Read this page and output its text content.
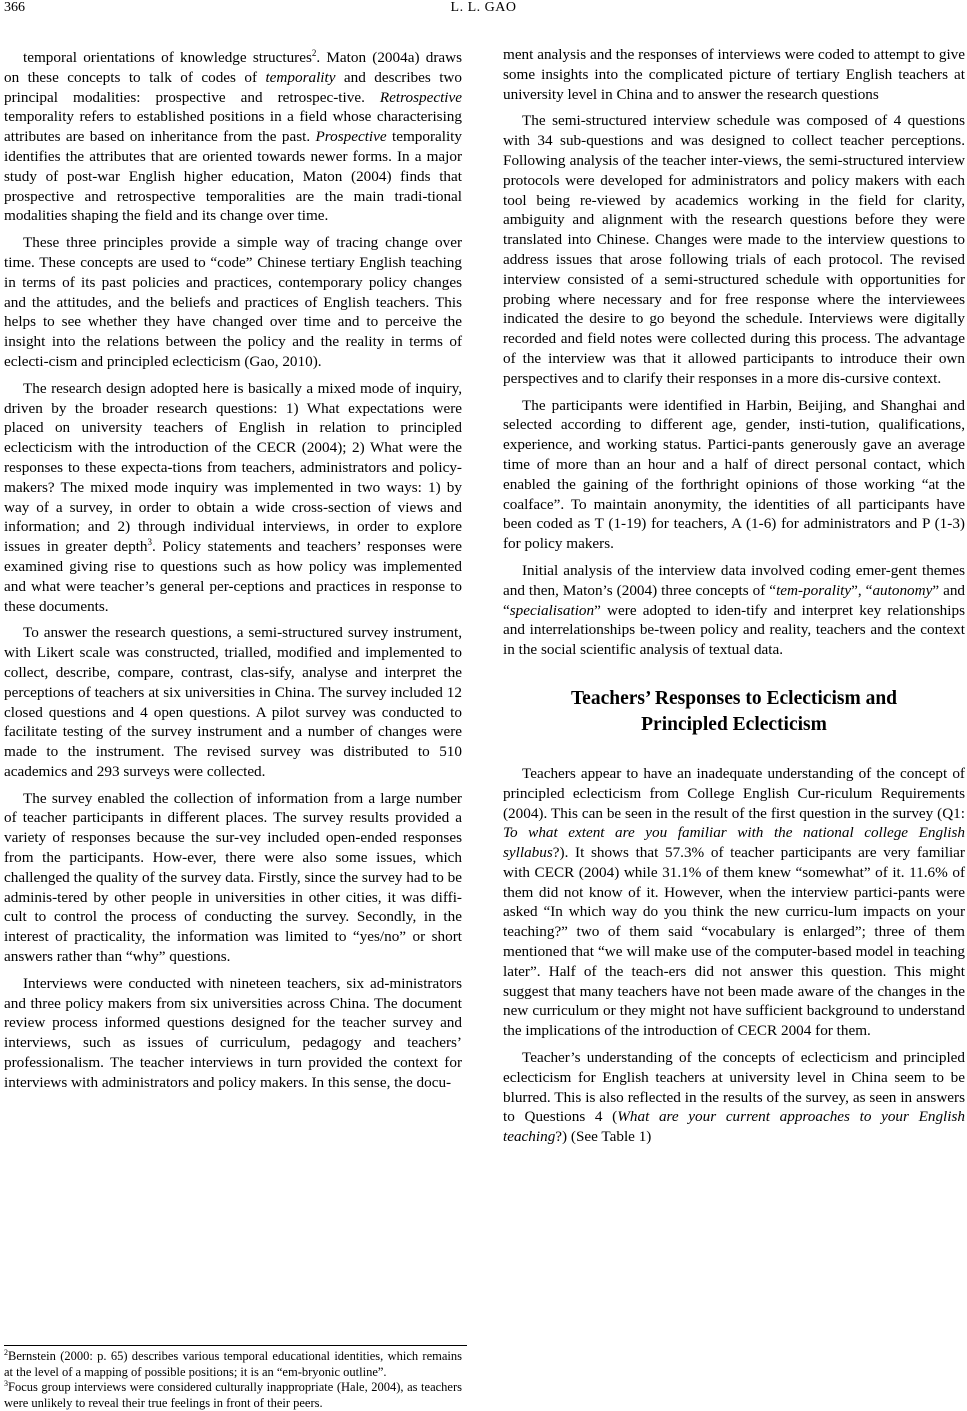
366	L. L. GAO

temporal orientations of knowledge structures$^2$. Maton (2004a) draws on these concepts to talk of codes of temporality and describes two principal modalities: prospective and retrospec-tive. Retrospective temporality refers to established positions in a field whose characterising attributes are based on inheritance from the past. Prospective temporality identifies the attributes that are oriented towards newer forms. In a major study of post-war English higher education, Maton (2004) finds that prospective and retrospective temporalities are the main tradi-tional modalities shaping the field and its change over time.

These three principles provide a simple way of tracing change over time. These concepts are used to “code” Chinese tertiary English teaching in terms of its past policies and practices, contemporary policy changes and the attitudes, and the beliefs and practices of English teachers. This helps to see whether they have changed over time and to perceive the insight into the relations between the policy and the reality in terms of eclecti-cism and principled eclecticism (Gao, 2010).

The research design adopted here is basically a mixed mode of inquiry, driven by the broader research questions: 1) What expectations were placed on university teachers of English in relation to principled eclecticism with the introduction of the CECR (2004); 2) What were the responses to these expecta-tions from teachers, administrators and policy-makers? The mixed mode inquiry was implemented in two ways: 1) by way of a survey, in order to obtain a wide cross-section of views and information; and 2) through individual interviews, in order to explore issues in greater depth$^3$. Policy statements and teachers’ responses were examined giving rise to questions such as how policy was implemented and what were teacher’s general per-ceptions and practices in response to these documents.

To answer the research questions, a semi-structured survey instrument, with Likert scale was constructed, trialled, modified and implemented to collect, describe, compare, contrast, clas-sify, analyse and interpret the perceptions of teachers at six universities in China. The survey included 12 closed questions and 4 open questions. A pilot survey was conducted to facilitate testing of the survey instrument and a number of changes were made to the instrument. The revised survey was distributed to 510 academics and 293 surveys were collected.

The survey enabled the collection of information from a large number of teacher participants in different places. The survey results provided a variety of responses because the sur-vey included open-ended responses from the participants. How-ever, there were also some issues, which challenged the quality of the survey data. Firstly, since the survey had to be adminis-tered by other people in universities in other cities, it was diffi-cult to control the process of conducting the survey. Secondly, in the interest of practicality, the information was limited to “yes/no” or short answers rather than “why” questions.

Interviews were conducted with nineteen teachers, six ad-ministrators and three policy makers from six universities across China. The document review process informed questions designed for the teacher survey and interviews, such as issues of curriculum, pedagogy and teachers’ professionalism. The teacher interviews in turn provided the context for interviews with administrators and policy makers. In this sense, the docu-

$^2$Bernstein (2000: p. 65) describes various temporal educational identities, which remains at the level of a mapping of possible positions; it is an “em-bryonic outline”.

$^3$Focus group interviews were considered culturally inappropriate (Hale, 2004), as teachers were unlikely to reveal their true feelings in front of their peers.

ment analysis and the responses of interviews were coded to attempt to give some insights into the complicated picture of tertiary English teachers at university level in China and to answer the research questions

The semi-structured interview schedule was composed of 4 questions with 34 sub-questions and was designed to collect teacher perceptions. Following analysis of the teacher inter-views, the semi-structured interview protocols were developed for administrators and policy makers with each tool being re-viewed by academics working in the field for clarity, ambiguity and alignment with the research questions before they were translated into Chinese. Changes were made to the interview questions to address issues that arose following trials of each protocol. The revised interview consisted of a semi-structured schedule with opportunities for probing where necessary and for free response where the interviewees indicated the desire to go beyond the schedule. Interviews were digitally recorded and field notes were collected during this process. The advantage of the interview was that it allowed participants to introduce their own perspectives and to clarify their responses in a more dis-cursive context.

The participants were identified in Harbin, Beijing, and Shanghai and selected according to different age, gender, insti-tution, qualifications, experience, and working status. Partici-pants generously gave an average time of more than an hour and a half of direct personal contact, which enabled the gaining of the forthright opinions of those working “at the coalface”. To maintain anonymity, the identities of all participants have been coded as T (1-19) for teachers, A (1-6) for administrators and P (1-3) for policy makers.

Initial analysis of the interview data involved coding emer-gent themes and then, Maton’s (2004) three concepts of “tem-porality”, “autonomy” and “specialisation” were adopted to iden-tify and interpret key relationships and interrelationships be-tween policy and reality, teachers and the context in the social scientific analysis of textual data.

Teachers’ Responses to Eclecticism and
Principled Eclecticism

Teachers appear to have an inadequate understanding of the concept of principled eclecticism from College English Cur-riculum Requirements (2004). This can be seen in the result of the first question in the survey (Q1: To what extent are you familiar with the national college English syllabus?). It shows that 57.3% of teacher participants are very familiar with CECR (2004) while 31.1% of them knew “somewhat” of it. 11.6% of them did not know of it. However, when the interview partici-pants were asked “In which way do you think the new curricu-lum impacts on your teaching?” two of them said “vocabulary is enlarged”; three of them mentioned that “we will make use of the computer-based model in teaching later”. Half of the teach-ers did not answer this question. This might suggest that many teachers have not been made aware of the changes in the new curriculum or they might not have sufficient background to understand the implications of the introduction of CECR 2004 for them.

Teacher’s understanding of the concepts of eclecticism and principled eclecticism for English teachers at university level in China seem to be blurred. This is also reflected in the results of the survey, as seen in answers to Questions 4 (What are your current approaches to your English teaching?) (See Table 1)
